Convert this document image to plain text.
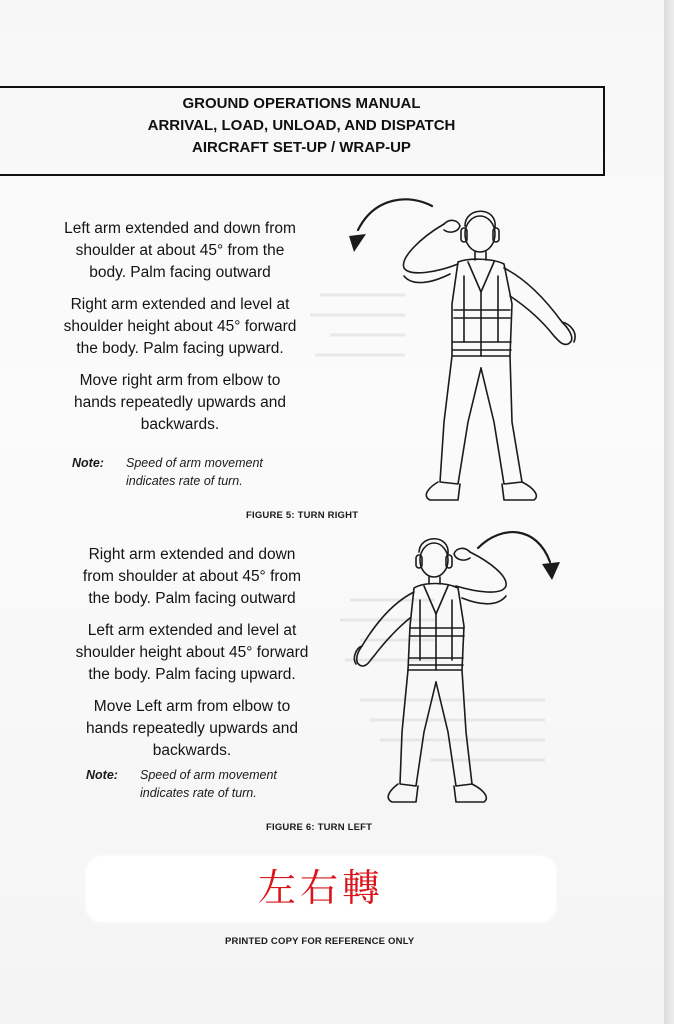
GROUND OPERATIONS MANUAL
ARRIVAL, LOAD, UNLOAD, AND DISPATCH
AIRCRAFT SET-UP / WRAP-UP

Left arm extended and down from
shoulder at about 45° from the
body. Palm facing outward

Right arm extended and level at
shoulder height about 45° forward
the body. Palm facing upward.

Move right arm from elbow to
hands repeatedly upwards and
backwards.

Note: Speed of arm movement
indicates rate of turn.
FIGURE 5: TURN RIGHT

Right arm extended and down
from shoulder at about 45° from
the body. Palm facing outward

Left arm extended and level at
shoulder height about 45° forward
the body. Palm facing upward.

Move Left arm from elbow to
hands repeatedly upwards and
backwards.

Note: Speed of arm movement
indicates rate of turn.
FIGURE 6: TURN LEFT
左右轉
PRINTED COPY FOR REFERENCE ONLY
